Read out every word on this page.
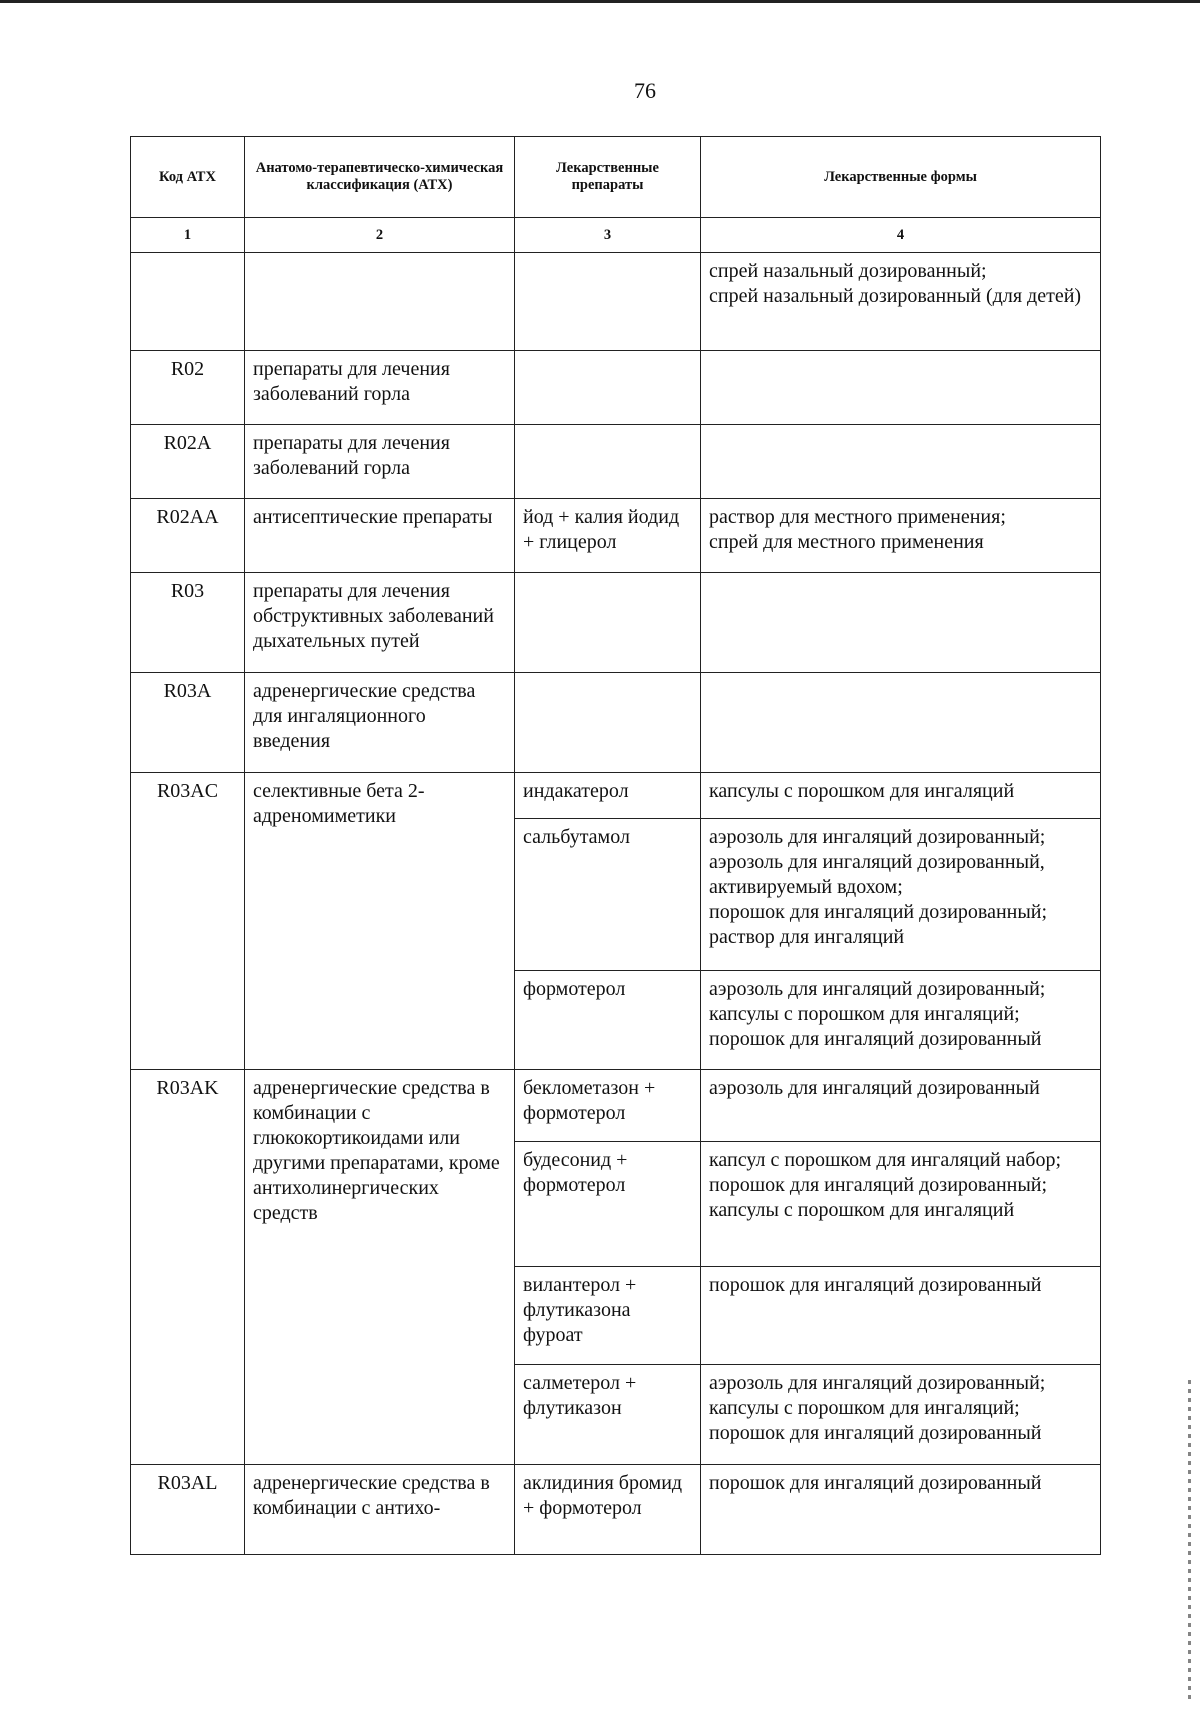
76
Код АТХ	Анатомо-терапевтическо-химическая классификация (АТХ)	Лекарственные препараты	Лекарственные формы
1	2	3	4

			спрей назальный дозированный;
спрей назальный дозированный (для детей)

R02	препараты для лечения заболеваний горла		
R02A	препараты для лечения заболеваний горла		
R02AA	антисептические препараты	йод + калия йодид + глицерол	раствор для местного применения;
спрей для местного применения

R03	препараты для лечения обструктивных заболеваний дыхательных путей		
R03A	адренергические средства для ингаляционного введения		
R03AC	селективные бета 2-адреномиметики	индакатерол	капсулы с порошком для ингаляций

		сальбутамол	аэрозоль для ингаляций дозированный;
аэрозоль для ингаляций дозированный, активируемый вдохом;
порошок для ингаляций дозированный;
раствор для ингаляций

		формотерол	аэрозоль для ингаляций дозированный;
капсулы с порошком для ингаляций;
порошок для ингаляций дозированный

R03AK	адренергические средства в комбинации с глюкокортикоидами или другими препаратами, кроме антихолинергических средств	беклометазон + формотерол	аэрозоль для ингаляций дозированный

		будесонид + формотерол	капсул с порошком для ингаляций набор;
порошок для ингаляций дозированный;
капсулы с порошком для ингаляций

		вилантерол + флутиказона фуроат	порошок для ингаляций дозированный

		салметерол + флутиказон	аэрозоль для ингаляций дозированный;
капсулы с порошком для ингаляций;
порошок для ингаляций дозированный

R03AL	адренергические средства в комбинации с антихо-	аклидиния бромид + формотерол	порошок для ингаляций дозированный
